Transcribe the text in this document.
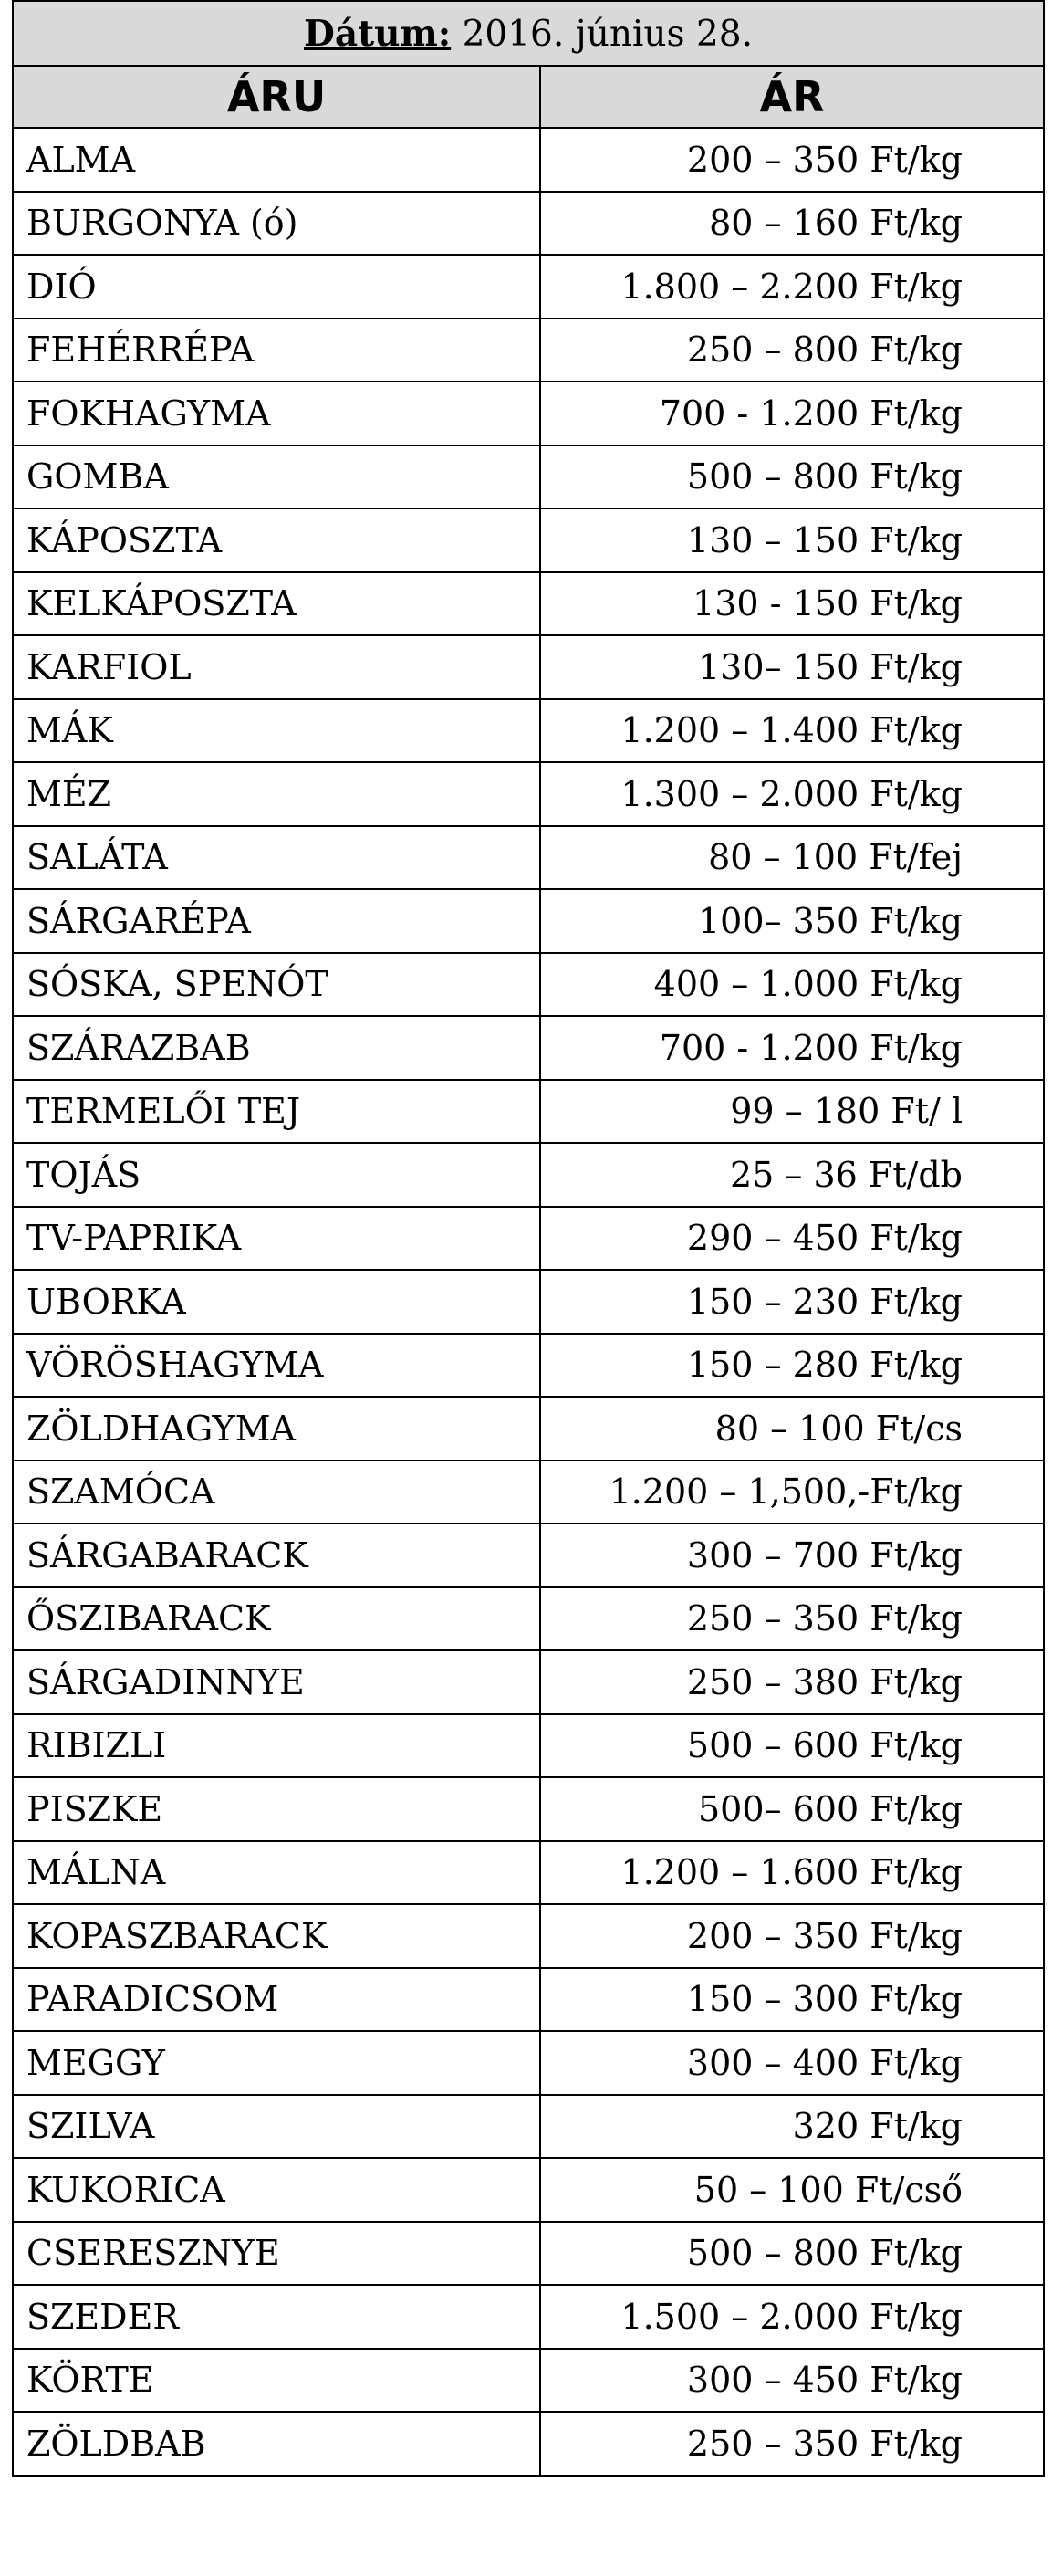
Dátum: 2016. június 28.	
ÁRU	ÁR
ALMA	200 – 350 Ft/kg
BURGONYA (ó)	80 – 160 Ft/kg
DIÓ	1.800 – 2.200 Ft/kg
FEHÉRRÉPA	250 – 800 Ft/kg
FOKHAGYMA	700 - 1.200 Ft/kg
GOMBA	500 – 800 Ft/kg
KÁPOSZTA	130 – 150 Ft/kg
KELKÁPOSZTA	130 - 150 Ft/kg
KARFIOL	130– 150 Ft/kg
MÁK	1.200 – 1.400 Ft/kg
MÉZ	1.300 – 2.000 Ft/kg
SALÁTA	80 – 100 Ft/fej
SÁRGARÉPA	100– 350 Ft/kg
SÓSKA, SPENÓT	400 – 1.000 Ft/kg
SZÁRAZBAB	700 - 1.200 Ft/kg
TERMELŐI TEJ	99 – 180 Ft/ l
TOJÁS	25 – 36 Ft/db
TV-PAPRIKA	290 – 450 Ft/kg
UBORKA	150 – 230 Ft/kg
VÖRÖSHAGYMA	150 – 280 Ft/kg
ZÖLDHAGYMA	80 – 100 Ft/cs
SZAMÓCA	1.200 – 1,500,-Ft/kg
SÁRGABARACK	300 – 700 Ft/kg
ŐSZIBARACK	250 – 350 Ft/kg
SÁRGADINNYE	250 – 380 Ft/kg
RIBIZLI	500 – 600 Ft/kg
PISZKE	500– 600 Ft/kg
MÁLNA	1.200 – 1.600 Ft/kg
KOPASZBARACK	200 – 350 Ft/kg
PARADICSOM	150 – 300 Ft/kg
MEGGY	300 – 400 Ft/kg
SZILVA	320 Ft/kg
KUKORICA	50 – 100 Ft/cső
CSERESZNYE	500 – 800 Ft/kg
SZEDER	1.500 – 2.000 Ft/kg
KÖRTE	300 – 450 Ft/kg
ZÖLDBAB	250 – 350 Ft/kg
